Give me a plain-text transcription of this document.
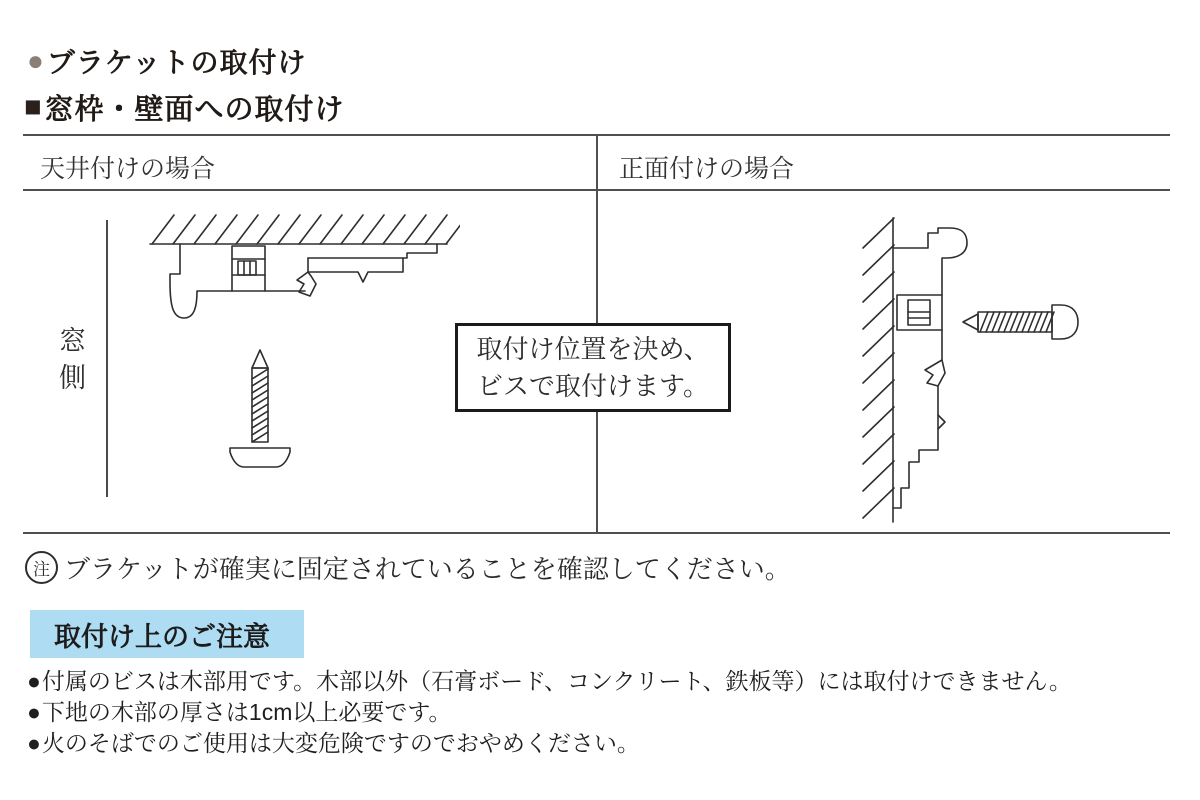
● ブラケットの取付け
■ 窓枠・壁面への取付け
天井付けの場合	正面付けの場合
窓
側
取付け位置を決め、
ビスで取付けます。
注 ブラケットが確実に固定されていることを確認してください。
取付け上のご注意
● 付属のビスは木部用です。木部以外（石膏ボード、コンクリート、鉄板等）には取付けできません。
● 下地の木部の厚さは1cm以上必要です。
● 火のそばでのご使用は大変危険ですのでおやめください。
